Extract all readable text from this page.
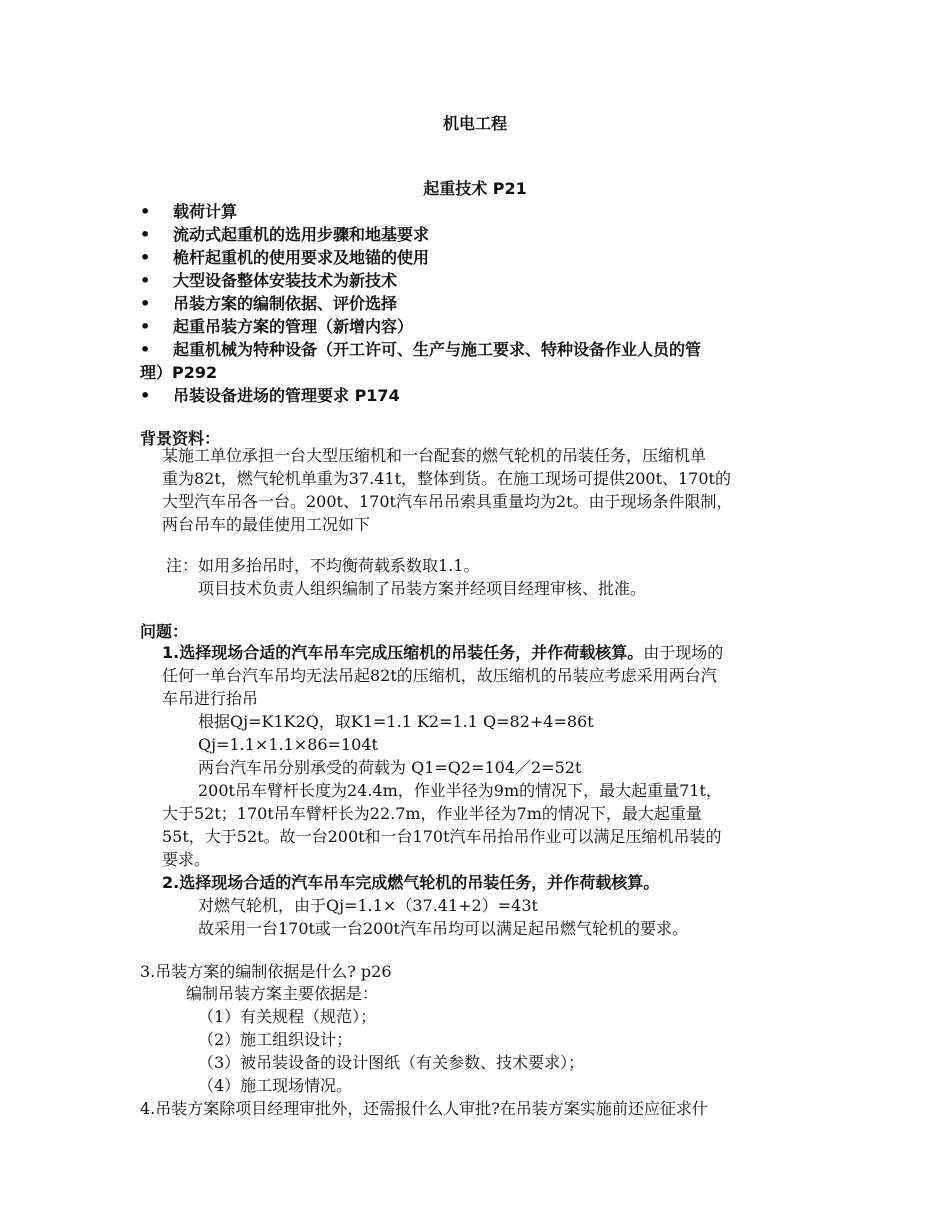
机电工程
起重技术 P21
• 载荷计算
• 流动式起重机的选用步骤和地基要求
• 桅杆起重机的使用要求及地锚的使用
• 大型设备整体安装技术为新技术
• 吊装方案的编制依据、评价选择
• 起重吊装方案的管理（新增内容）
• 起重机械为特种设备（开工许可、生产与施工要求、特种设备作业人员的管
理）P292
• 吊装设备进场的管理要求 P174
背景资料：
某施工单位承担一台大型压缩机和一台配套的燃气轮机的吊装任务，压缩机单
重为82t，燃气轮机单重为37.41t，整体到货。在施工现场可提供200t、170t的
大型汽车吊各一台。200t、170t汽车吊吊索具重量均为2t。由于现场条件限制，
两台吊车的最佳使用工况如下
注：如用多抬吊时，不均衡荷载系数取1.1。
项目技术负责人组织编制了吊装方案并经项目经理审核、批准。
问题：
1.选择现场合适的汽车吊车完成压缩机的吊装任务，并作荷载核算。由于现场的
任何一单台汽车吊均无法吊起82t的压缩机，故压缩机的吊装应考虑采用两台汽
车吊进行抬吊
根据Qj=K1K2Q，取K1=1.1 K2=1.1 Q=82+4=86t
Qj=1.1×1.1×86=104t
两台汽车吊分别承受的荷载为 Q1=Q2=104／2=52t
200t吊车臂杆长度为24.4m，作业半径为9m的情况下，最大起重量71t，
大于52t；170t吊车臂杆长为22.7m，作业半径为7m的情况下，最大起重量
55t，大于52t。故一台200t和一台170t汽车吊抬吊作业可以满足压缩机吊装的
要求。
2.选择现场合适的汽车吊车完成燃气轮机的吊装任务，并作荷载核算。
对燃气轮机，由于Qj=1.1×（37.41+2）=43t
故采用一台170t或一台200t汽车吊均可以满足起吊燃气轮机的要求。
3.吊装方案的编制依据是什么? p26
编制吊装方案主要依据是：
（1）有关规程（规范）；
（2）施工组织设计；
（3）被吊装设备的设计图纸（有关参数、技术要求）；
（4）施工现场情况。
4.吊装方案除项目经理审批外，还需报什么人审批?在吊装方案实施前还应征求什
